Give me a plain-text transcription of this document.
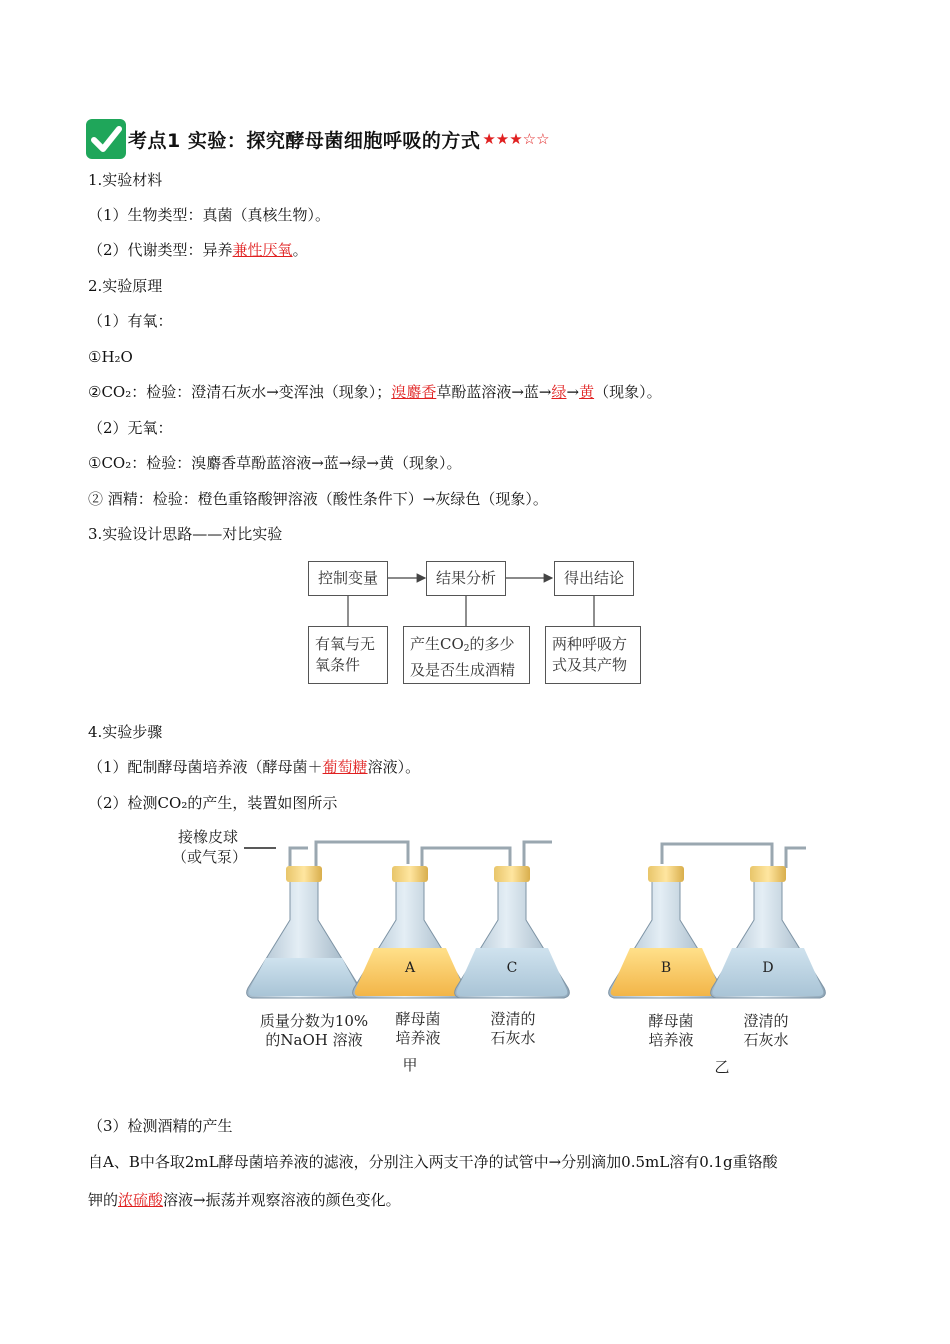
考点1 实验：探究酵母菌细胞呼吸的方式 ★★★☆☆
1.实验材料
（1）生物类型：真菌（真核生物）。
（2）代谢类型：异养兼性厌氧。
2.实验原理
（1）有氧：
①H₂O
②CO₂：检验：澄清石灰水→变浑浊（现象）；溴麝香草酚蓝溶液→蓝→绿→黄（现象）。
（2）无氧：
①CO₂：检验：溴麝香草酚蓝溶液→蓝→绿→黄（现象）。
② 酒精：检验：橙色重铬酸钾溶液（酸性条件下）→灰绿色（现象）。
3.实验设计思路——对比实验
控制变量	结果分析	得出结论
有氧与无氧条件
产生$CO_2$的多少及是否生成酒精
两种呼吸方式及其产物
4.实验步骤
（1）配制酵母菌培养液（酵母菌＋葡萄糖溶液）。
（2）检测CO₂的产生，装置如图所示
接橡皮球
（或气泵）
A	C	B	D
质量分数为10%
的NaOH 溶液
酵母菌
培养液
澄清的
石灰水
酵母菌
培养液
澄清的
石灰水
甲	乙
（3）检测酒精的产生
自A、B中各取2mL酵母菌培养液的滤液，分别注入两支干净的试管中→分别滴加0.5mL溶有0.1g重铬酸
钾的浓硫酸溶液→振荡并观察溶液的颜色变化。
